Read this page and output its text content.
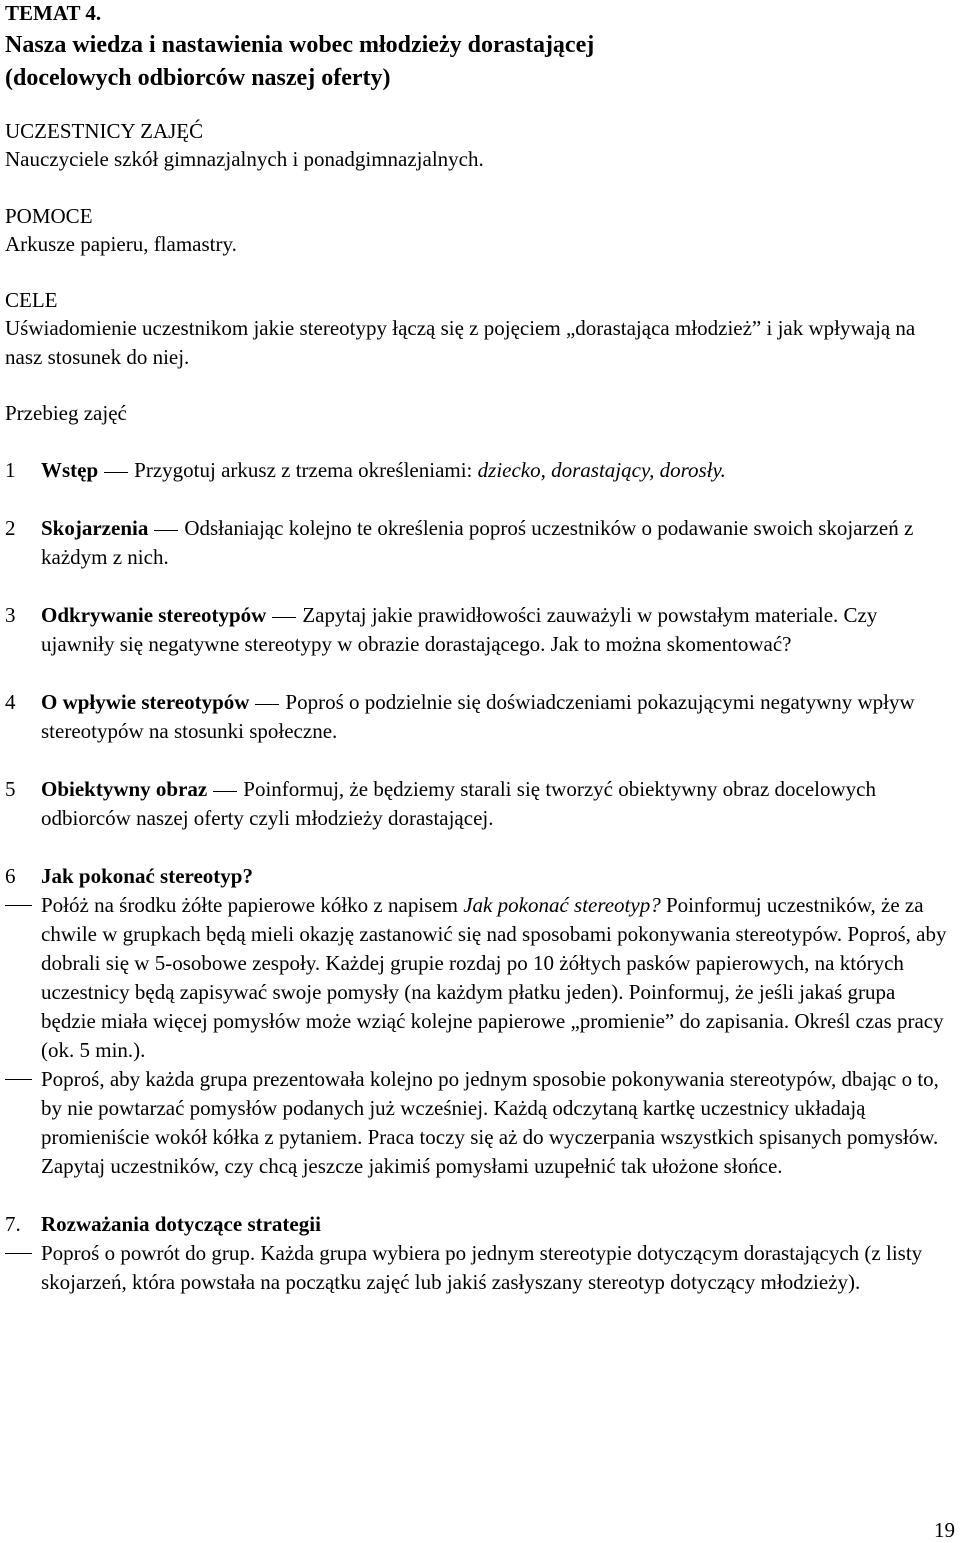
TEMAT 4.
Nasza wiedza i nastawienia wobec młodzieży dorastającej
(docelowych odbiorców naszej oferty)
UCZESTNICY ZAJĘĆ
Nauczyciele szkół gimnazjalnych i ponadgimnazjalnych.
POMOCE
Arkusze papieru, flamastry.
CELE
Uświadomienie uczestnikom jakie stereotypy łączą się z pojęciem „dorastająca młodzież” i jak wpływają na nasz stosunek do niej.
Przebieg zajęć
1 Wstęp Przygotuj arkusz z trzema określeniami: dziecko, dorastający, dorosły.
2 Skojarzenia Odsłaniając kolejno te określenia poproś uczestników o podawanie swoich skojarzeń z każdym z nich.
3 Odkrywanie stereotypów Zapytaj jakie prawidłowości zauważyli w powstałym materiale. Czy ujawniły się negatywne stereotypy w obrazie dorastającego. Jak to można skomentować?
4 O wpływie stereotypów Poproś o podzielnie się doświadczeniami pokazującymi negatywny wpływ stereotypów na stosunki społeczne.
5 Obiektywny obraz Poinformuj, że będziemy starali się tworzyć obiektywny obraz docelowych odbiorców naszej oferty czyli młodzieży dorastającej.
6 Jak pokonać stereotyp?
Połóż na środku żółte papierowe kółko z napisem Jak pokonać stereotyp? Poinformuj uczestników, że za chwile w grupkach będą mieli okazję zastanowić się nad sposobami pokonywania stereotypów. Poproś, aby dobrali się w 5-osobowe zespoły. Każdej grupie rozdaj po 10 żółtych pasków papierowych, na których uczestnicy będą zapisywać swoje pomysły (na każdym płatku jeden). Poinformuj, że jeśli jakaś grupa będzie miała więcej pomysłów może wziąć kolejne papierowe „promienie” do zapisania. Określ czas pracy (ok. 5 min.).
Poproś, aby każda grupa prezentowała kolejno po jednym sposobie pokonywania stereotypów, dbając o to, by nie powtarzać pomysłów podanych już wcześniej. Każdą odczytaną kartkę uczestnicy układają promieniście wokół kółka z pytaniem. Praca toczy się aż do wyczerpania wszystkich spisanych pomysłów. Zapytaj uczestników, czy chcą jeszcze jakimiś pomysłami uzupełnić tak ułożone słońce.
7. Rozważania dotyczące strategii
Poproś o powrót do grup. Każda grupa wybiera po jednym stereotypie dotyczącym dorastających (z listy skojarzeń, która powstała na początku zajęć lub jakiś zasłyszany stereotyp dotyczący młodzieży).
19
